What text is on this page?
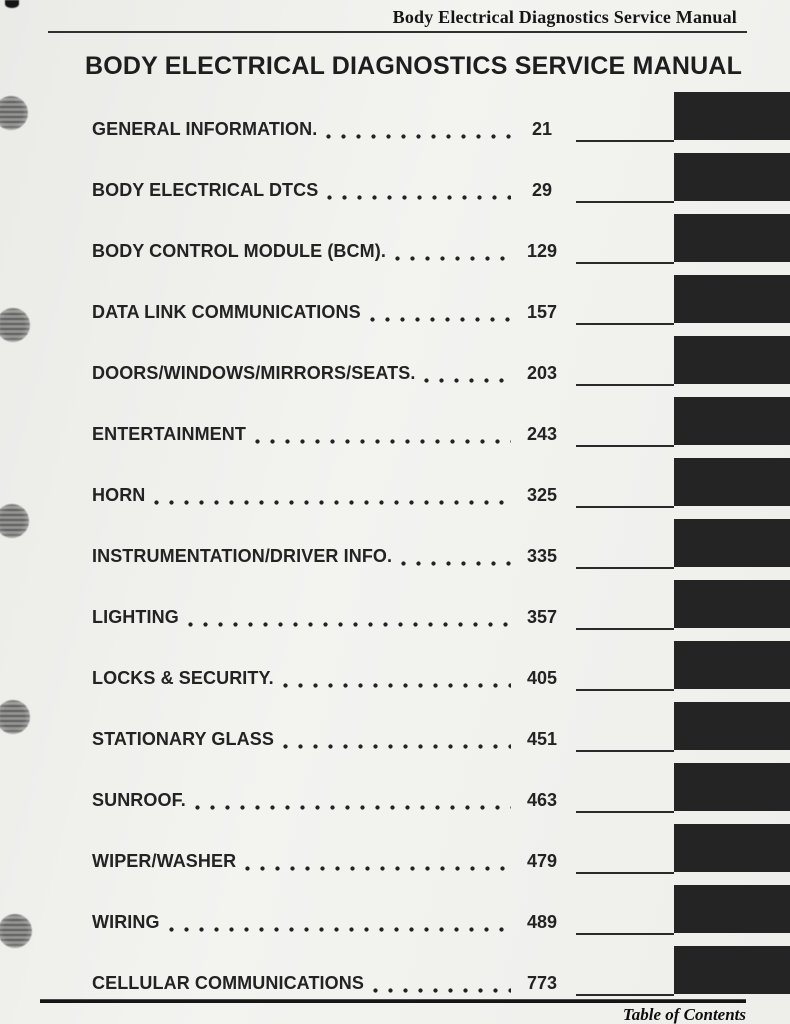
Body Electrical Diagnostics Service Manual
BODY ELECTRICAL DIAGNOSTICS SERVICE MANUAL
GENERAL INFORMATION.	21
BODY ELECTRICAL DTCS	29
BODY CONTROL MODULE (BCM).	129
DATA LINK COMMUNICATIONS	157
DOORS/WINDOWS/MIRRORS/SEATS.	203
ENTERTAINMENT	243
HORN	325
INSTRUMENTATION/DRIVER INFO.	335
LIGHTING	357
LOCKS & SECURITY.	405
STATIONARY GLASS	451
SUNROOF.	463
WIPER/WASHER	479
WIRING	489
CELLULAR COMMUNICATIONS	773
Table of Contents
